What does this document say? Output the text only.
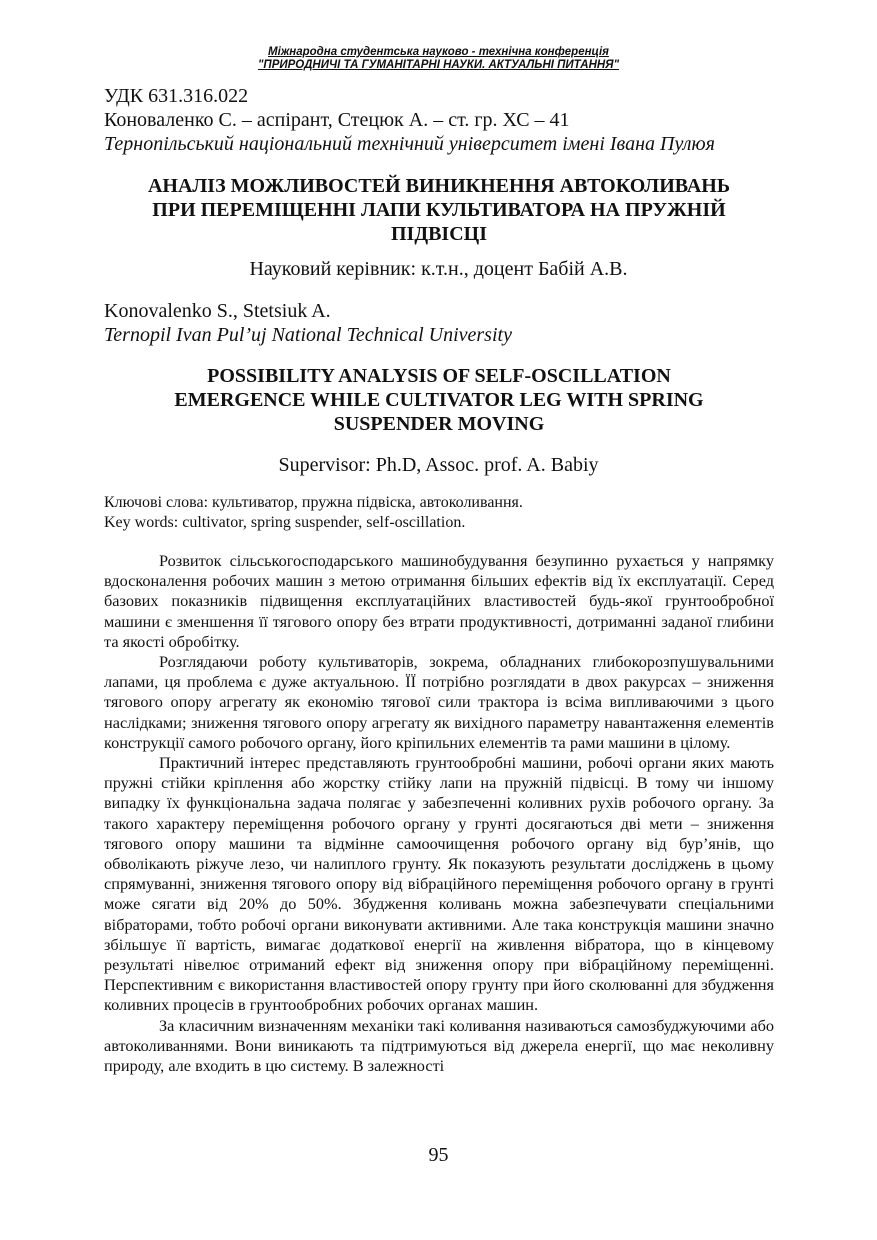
Міжнародна студентська науково - технічна конференція
"ПРИРОДНИЧІ ТА ГУМАНІТАРНІ НАУКИ. АКТУАЛЬНІ ПИТАННЯ"
УДК 631.316.022
Коноваленко С. – аспірант, Стецюк А. – ст. гр. ХС – 41
Тернопільський національний технічний університет імені Івана Пулюя
АНАЛІЗ МОЖЛИВОСТЕЙ ВИНИКНЕННЯ АВТОКОЛИВАНЬ
ПРИ ПЕРЕМІЩЕННІ ЛАПИ КУЛЬТИВАТОРА НА ПРУЖНІЙ
ПІДВІСЦІ
Науковий керівник: к.т.н., доцент Бабій А.В.
Konovalenko S., Stetsiuk A.
Ternopil Ivan Pul’uj National Technical University
POSSIBILITY ANALYSIS OF SELF-OSCILLATION
EMERGENCE WHILE CULTIVATOR LEG WITH SPRING
SUSPENDER MOVING
Supervisor: Ph.D, Assoc. prof. A. Babiy
Ключові слова: культиватор, пружна підвіска, автоколивання.
Key words: cultivator, spring suspender, self-oscillation.

Розвиток сільськогосподарського машинобудування безупинно рухається у напрямку вдосконалення робочих машин з метою отримання більших ефектів від їх експлуатації. Серед базових показників підвищення експлуатаційних властивостей будь-якої грунтообробної машини є зменшення її тягового опору без втрати продуктивності, дотриманні заданої глибини та якості обробітку.

Розглядаючи роботу культиваторів, зокрема, обладнаних глибокорозпушувальними лапами, ця проблема є дуже актуальною. ЇЇ потрібно розглядати в двох ракурсах – зниження тягового опору агрегату як економію тягової сили трактора із всіма випливаючими з цього наслідками; зниження тягового опору агрегату як вихідного параметру навантаження елементів конструкції самого робочого органу, його кріпильних елементів та рами машини в цілому.

Практичний інтерес представляють грунтообробні машини, робочі органи яких мають пружні стійки кріплення або жорстку стійку лапи на пружній підвісці. В тому чи іншому випадку їх функціональна задача полягає у забезпеченні коливних рухів робочого органу. За такого характеру переміщення робочого органу у грунті досягаються дві мети – зниження тягового опору машини та відмінне самоочищення робочого органу від бур’янів, що обволікають ріжуче лезо, чи налиплого грунту. Як показують результати досліджень в цьому спрямуванні, зниження тягового опору від вібраційного переміщення робочого органу в грунті може сягати від 20% до 50%. Збудження коливань можна забезпечувати спеціальними вібраторами, тобто робочі органи виконувати активними. Але така конструкція машини значно збільшує її вартість, вимагає додаткової енергії на живлення вібратора, що в кінцевому результаті нівелює отриманий ефект від зниження опору при вібраційному переміщенні. Перспективним є використання властивостей опору грунту при його сколюванні для збудження коливних процесів в грунтообробних робочих органах машин.

За класичним визначенням механіки такі коливання називаються самозбуджуючими або автоколиваннями. Вони виникають та підтримуються від джерела енергії, що має неколивну природу, але входить в цю систему. В залежності

95
